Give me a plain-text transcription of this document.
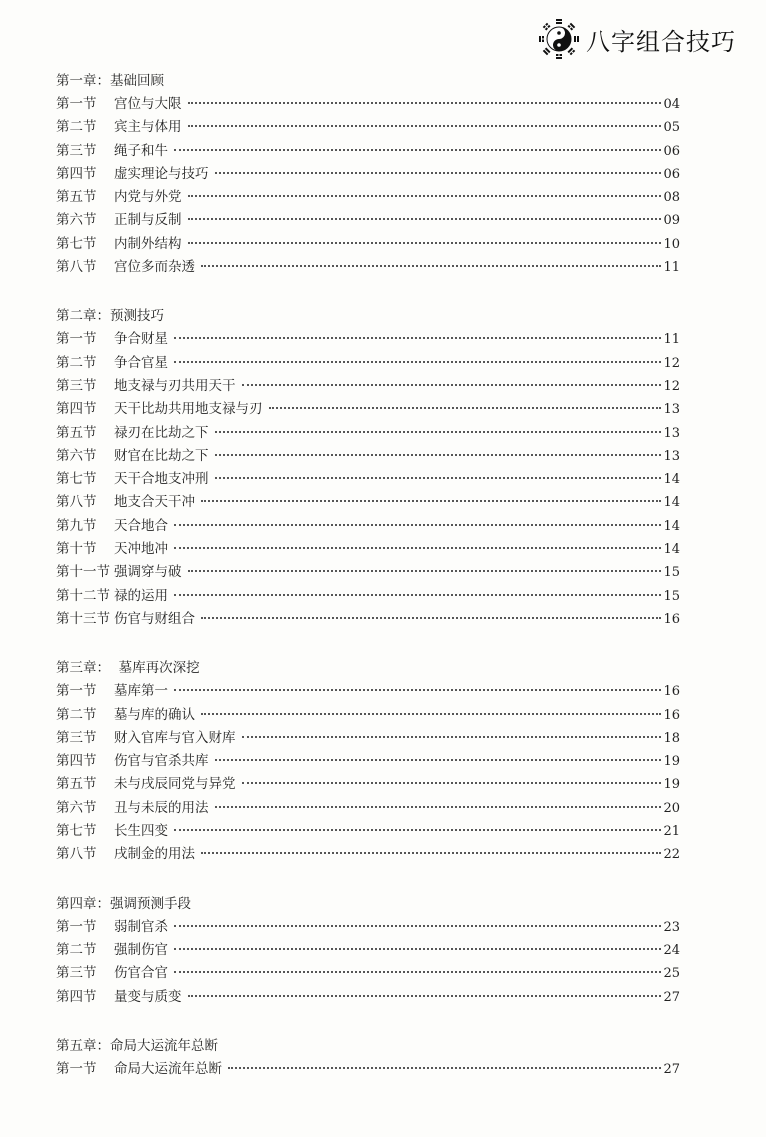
八字组合技巧
第一章：基础回顾
第一节	宫位与大限	04
第二节	宾主与体用	05
第三节	绳子和牛	06
第四节	虚实理论与技巧	06
第五节	内党与外党	08
第六节	正制与反制	09
第七节	内制外结构	10
第八节	宫位多而杂透	11
第二章：预测技巧
第一节	争合财星	11
第二节	争合官星	12
第三节	地支禄与刃共用天干	12
第四节	天干比劫共用地支禄与刃	13
第五节	禄刃在比劫之下	13
第六节	财官在比劫之下	13
第七节	天干合地支冲刑	14
第八节	地支合天干冲	14
第九节	天合地合	14
第十节	天冲地冲	14
第十一节 强调穿与破	15
第十二节 禄的运用	15
第十三节 伤官与财组合	16
第三章：  墓库再次深挖
第一节	墓库第一	16
第二节	墓与库的确认	16
第三节	财入官库与官入财库	18
第四节	伤官与官杀共库	19
第五节	未与戌辰同党与异党	19
第六节	丑与未辰的用法	20
第七节	长生四变	21
第八节	戌制金的用法	22
第四章：强调预测手段
第一节	弱制官杀	23
第二节	强制伤官	24
第三节	伤官合官	25
第四节	量变与质变	27
第五章：命局大运流年总断
第一节	命局大运流年总断	27
